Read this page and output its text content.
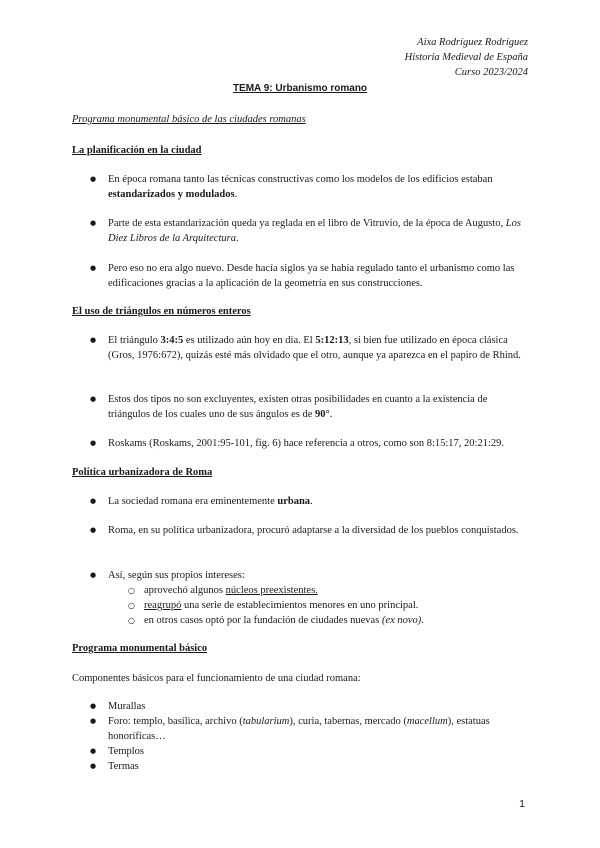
Aixa Rodríguez Rodríguez
Historia Medieval de España
Curso 2023/2024
TEMA 9: Urbanismo romano
Programa monumental básico de las ciudades romanas
La planificación en la ciudad
● En época romana tanto las técnicas constructivas como los modelos de los edificios estaban estandarizados y modulados.
● Parte de esta estandarización queda ya reglada en el libro de Vitruvio, de la época de Augusto, Los Diez Libros de la Arquitectura.
● Pero eso no era algo nuevo. Desde hacía siglos ya se había regulado tanto el urbanismo como las edificaciones gracias a la aplicación de la geometría en sus construcciones.
El uso de triángulos en números enteros
● El triángulo 3:4:5 es utilizado aún hoy en día. El 5:12:13, si bien fue utilizado en época clásica (Gros, 1976:672), quizás esté más olvidado que el otro, aunque ya aparezca en el papiro de Rhind.
● Estos dos tipos no son excluyentes, existen otras posibilidades en cuanto a la existencia de triángulos de los cuales uno de sus ángulos es de 90°.
● Roskams (Roskams, 2001:95-101, fig. 6) hace referencia a otros, como son 8:15:17, 20:21:29.
Política urbanizadora de Roma
● La sociedad romana era eminentemente urbana.
● Roma, en su política urbanizadora, procuró adaptarse a la diversidad de los pueblos conquistados.
● Así, según sus propios intereses:
○ aprovechó algunos núcleos preexistentes.
○ reagrupó una serie de establecimientos menores en uno principal.
○ en otros casos optó por la fundación de ciudades nuevas (ex novo).
Programa monumental básico
Componentes básicos para el funcionamiento de una ciudad romana:
● Murallas
● Foro: templo, basílica, archivo (tabularium), curia, tabernas, mercado (macellum), estatuas honoríficas…
● Templos
● Termas
1
